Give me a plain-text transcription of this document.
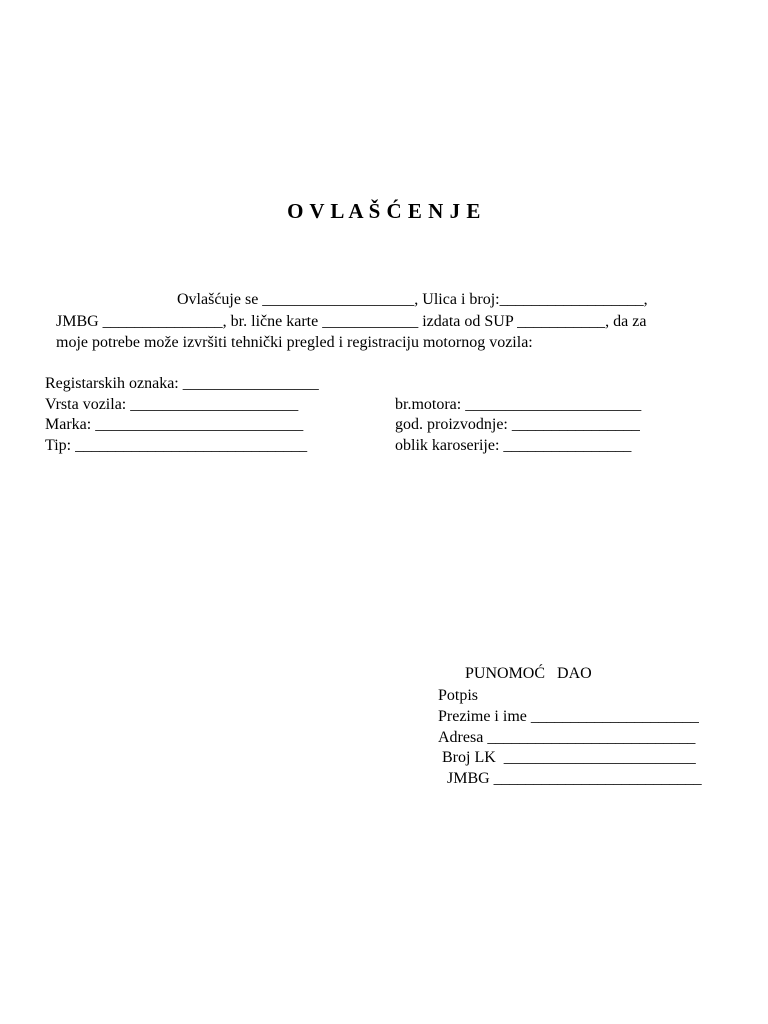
O V L A Š Ć E N J E
Ovlašćuje se ___________________, Ulica i broj:__________________,
JMBG _______________, br. lične karte ____________ izdata od SUP ___________, da za
moje potrebe može izvršiti tehnički pregled i registraciju motornog vozila:
Registarskih oznaka: _________________
Vrsta vozila: _____________________
Marka: __________________________
Tip: _____________________________
br.motora: ______________________
god. proizvodnje: ________________
oblik karoserije: ________________
PUNOMOĆ   DAO
Potpis
Prezime i ime _____________________
Adresa __________________________
Broj LK  ________________________
JMBG __________________________
